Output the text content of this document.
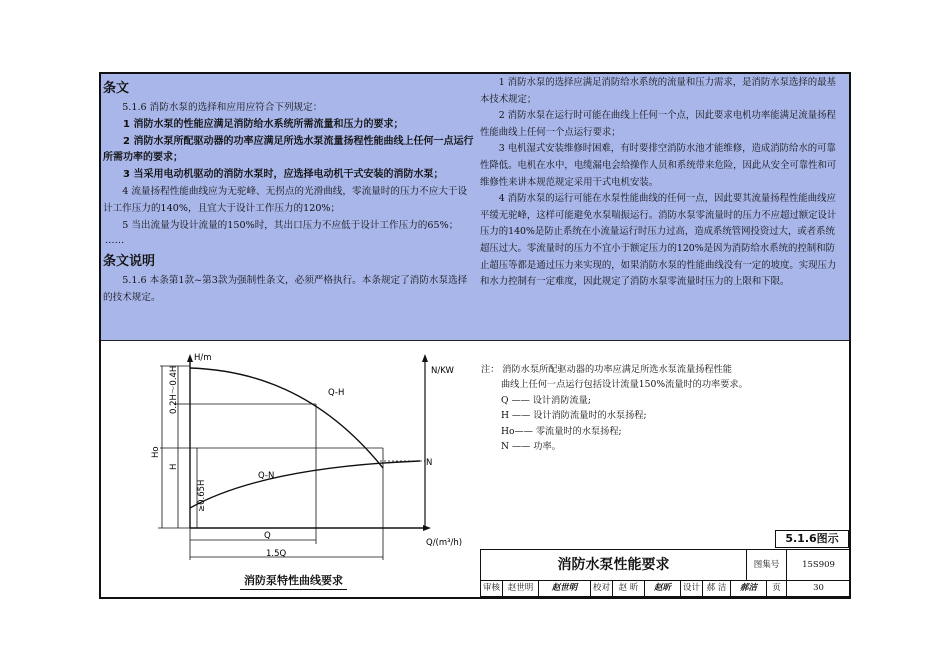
条文

5.1.6 消防水泵的选择和应用应符合下列规定：

1 消防水泵的性能应满足消防给水系统所需流量和压力的要求；

2 消防水泵所配驱动器的功率应满足所选水泵流量扬程性能曲线上任何一点运行所需功率的要求；

3 当采用电动机驱动的消防水泵时，应选择电动机干式安装的消防水泵；

4 流量扬程性能曲线应为无驼峰、无拐点的光滑曲线，零流量时的压力不应大于设计工作压力的140%，且宜大于设计工作压力的120%；

5 当出流量为设计流量的150%时，其出口压力不应低于设计工作压力的65%；

……

条文说明

5.1.6 本条第1款~第3款为强制性条文，必须严格执行。本条规定了消防水泵选择的技术规定。

1 消防水泵的选择应满足消防给水系统的流量和压力需求，是消防水泵选择的最基本技术规定；

2 消防水泵在运行时可能在曲线上任何一个点，因此要求电机功率能满足流量扬程性能曲线上任何一个点运行要求；

3 电机湿式安装维修时困难，有时要排空消防水池才能维修，造成消防给水的可靠性降低。电机在水中，电缆漏电会给操作人员和系统带来危险，因此从安全可靠性和可维修性来讲本规范规定采用干式电机安装。

4 消防水泵的运行可能在水泵性能曲线的任何一点，因此要其流量扬程性能曲线应平缓无驼峰，这样可能避免水泵喘振运行。消防水泵零流量时的压力不应超过额定设计压力的140%是防止系统在小流量运行时压力过高，造成系统管网投资过大，或者系统超压过大。零流量时的压力不宜小于额定压力的120%是因为消防给水系统的控制和防止超压等都是通过压力来实现的，如果消防水泵的性能曲线没有一定的坡度。实现压力和水力控制有一定难度，因此规定了消防水泵零流量时压力的上限和下限。

H/m
N/KW
0.2H～0.4H
Ho
H
≥0.65H
Q-H
Q-N
N
Q
1.5Q
Q/(m³/h)
消防泵特性曲线要求
注： 消防水泵所配驱动器的功率应满足所选水泵流量扬程性能
曲线上任何一点运行包括设计流量150%流量时的功率要求。
Q —— 设计消防流量;
H —— 设计消防流量时的水泵扬程;
Ho—— 零流量时的水泵扬程;
N —— 功率。
5.1.6图示
消防水泵性能要求	图集号	15S909
审核 赵世明	赵世明	校对	赵 昕	赵昕	设计 郝 洁	郝洁	页	30
